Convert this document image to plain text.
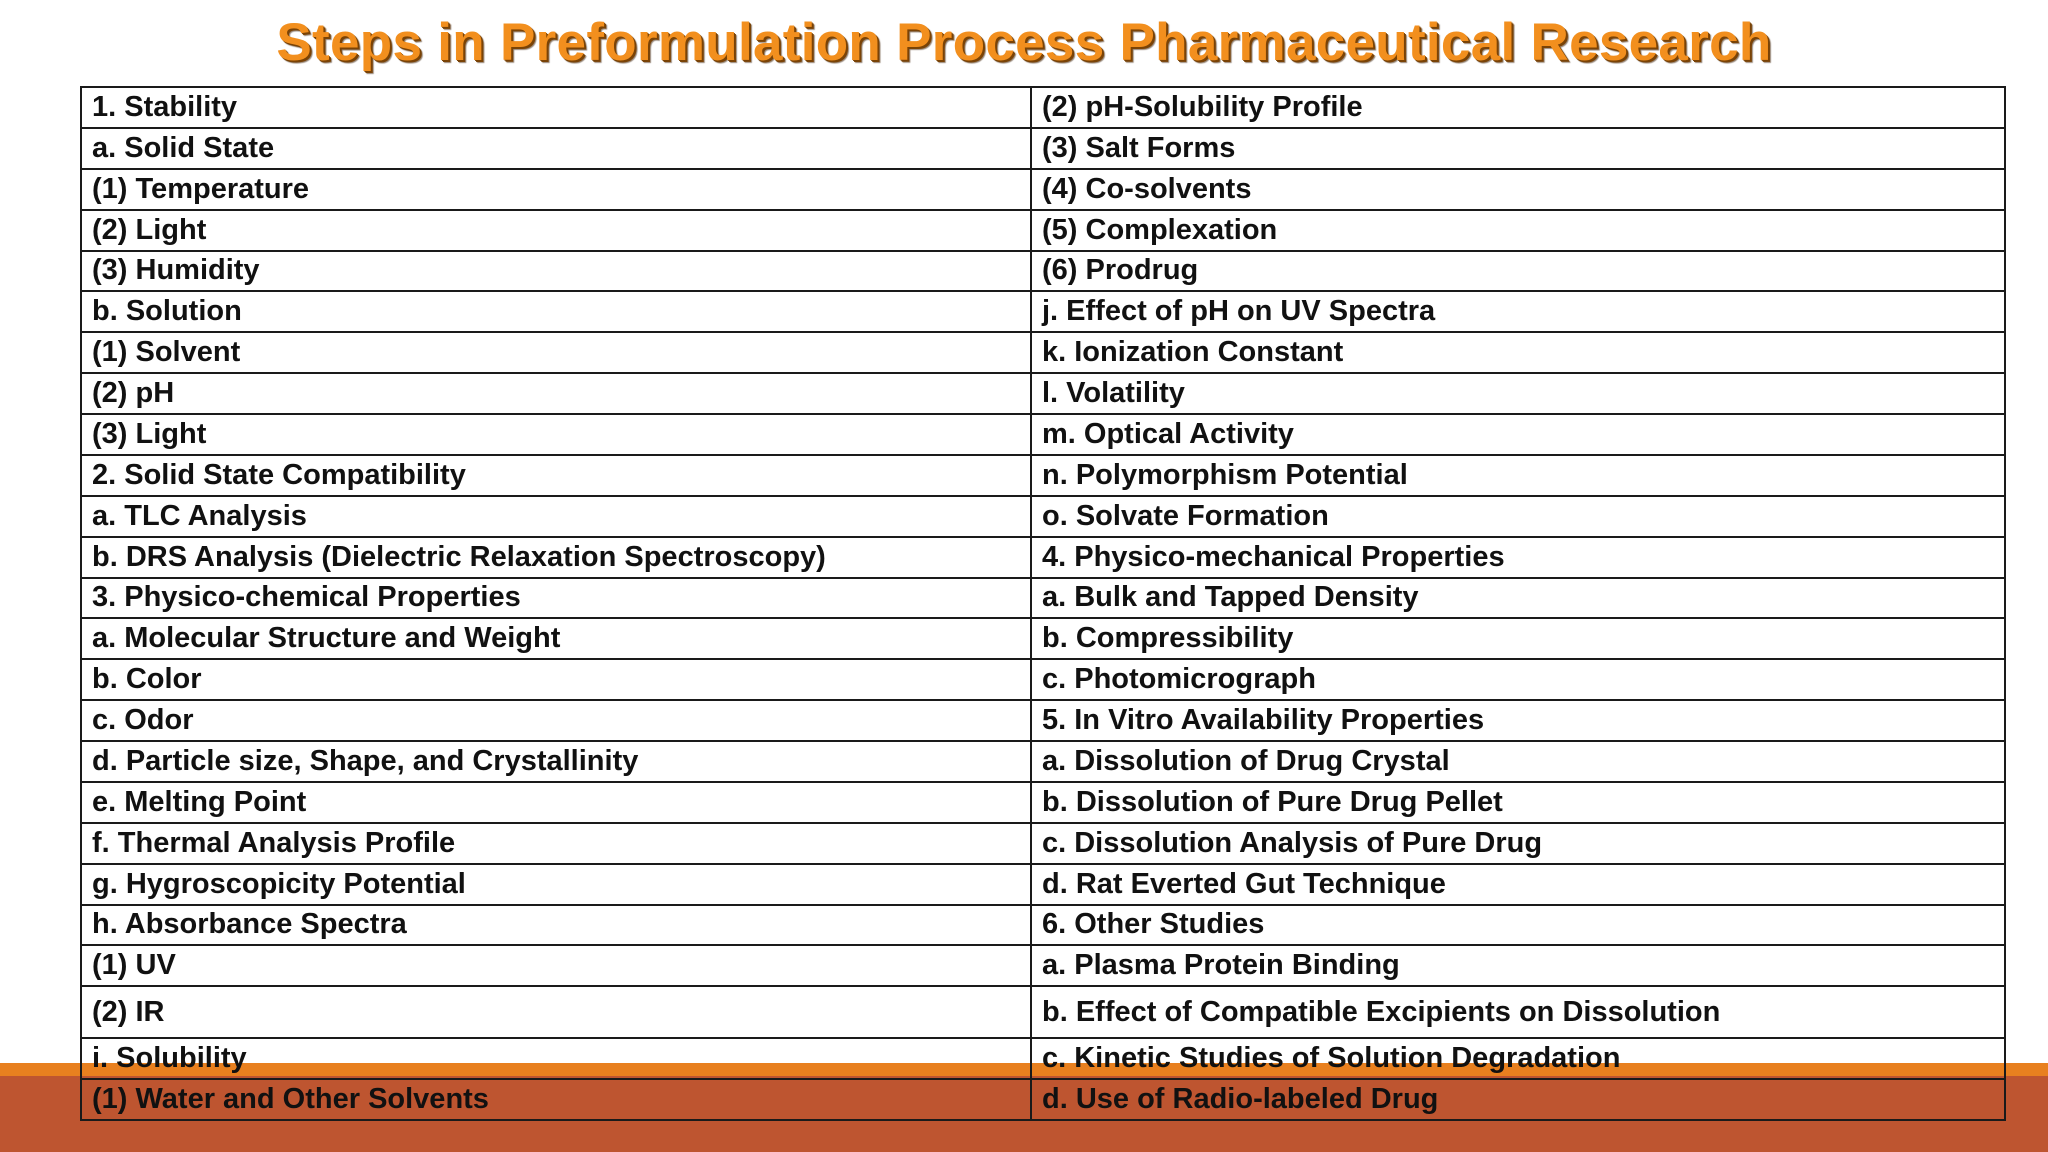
Steps in Preformulation Process Pharmaceutical Research
1. Stability	(2) pH-Solubility Profile
a. Solid State	(3) Salt Forms
(1) Temperature	(4) Co-solvents
(2) Light	(5) Complexation
(3) Humidity	(6) Prodrug
b. Solution	j. Effect of pH on UV Spectra
(1) Solvent	k. Ionization Constant
(2) pH	l. Volatility
(3) Light	m. Optical Activity
2. Solid State Compatibility	n. Polymorphism Potential
a. TLC Analysis	o. Solvate Formation
b. DRS Analysis (Dielectric Relaxation Spectroscopy)	4. Physico-mechanical Properties
3. Physico-chemical Properties	a. Bulk and Tapped Density
a. Molecular Structure and Weight	b. Compressibility
b. Color	c. Photomicrograph
c. Odor	5. In Vitro Availability Properties
d. Particle size, Shape, and Crystallinity	a. Dissolution of Drug Crystal
e. Melting Point	b. Dissolution of Pure Drug Pellet
f. Thermal Analysis Profile	c. Dissolution Analysis of Pure Drug
g. Hygroscopicity Potential	d. Rat Everted Gut Technique
h. Absorbance Spectra	6. Other Studies
(1) UV	a. Plasma Protein Binding
(2) IR	b. Effect of Compatible Excipients on Dissolution
i. Solubility	c. Kinetic Studies of Solution Degradation
(1) Water and Other Solvents	d. Use of Radio-labeled Drug
